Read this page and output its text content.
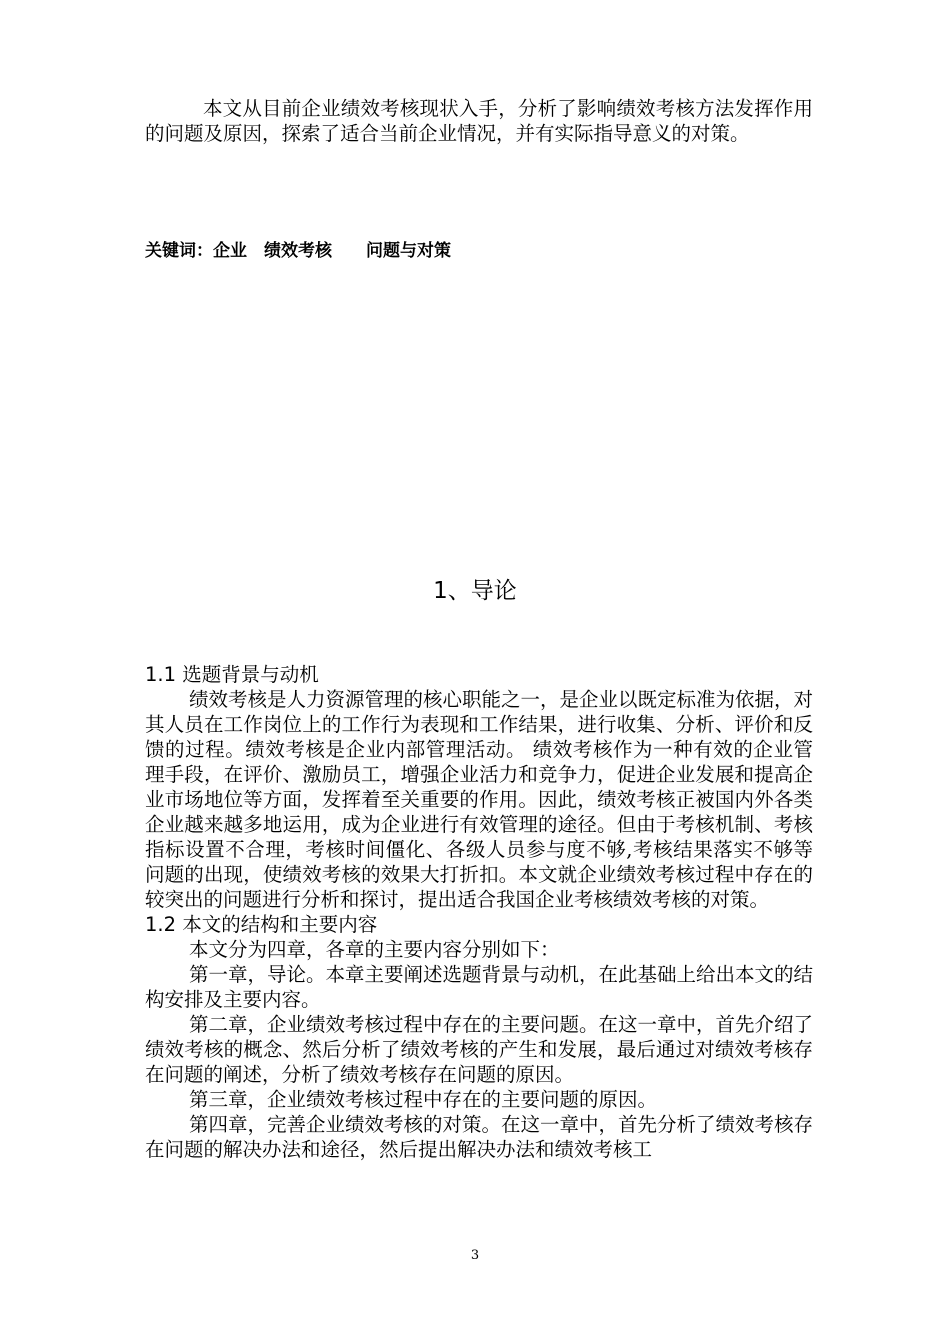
本文从目前企业绩效考核现状入手，分析了影响绩效考核方法发挥作用的问题及原因，探索了适合当前企业情况，并有实际指导意义的对策。

关键词：企业　绩效考核　　问题与对策
1、导论

1.1 选题背景与动机

绩效考核是人力资源管理的核心职能之一，是企业以既定标准为依据，对其人员在工作岗位上的工作行为表现和工作结果，进行收集、分析、评价和反馈的过程。绩效考核是企业内部管理活动。 绩效考核作为一种有效的企业管理手段，在评价、激励员工，增强企业活力和竞争力，促进企业发展和提高企业市场地位等方面，发挥着至关重要的作用。因此，绩效考核正被国内外各类企业越来越多地运用，成为企业进行有效管理的途径。但由于考核机制、考核指标设置不合理，考核时间僵化、各级人员参与度不够,考核结果落实不够等问题的出现，使绩效考核的效果大打折扣。本文就企业绩效考核过程中存在的较突出的问题进行分析和探讨，提出适合我国企业考核绩效考核的对策。

1.2 本文的结构和主要内容

本文分为四章，各章的主要内容分别如下：

第一章，导论。本章主要阐述选题背景与动机，在此基础上给出本文的结构安排及主要内容。

第二章，企业绩效考核过程中存在的主要问题。在这一章中，首先介绍了绩效考核的概念、然后分析了绩效考核的产生和发展，最后通过对绩效考核存在问题的阐述，分析了绩效考核存在问题的原因。

第三章，企业绩效考核过程中存在的主要问题的原因。

第四章，完善企业绩效考核的对策。在这一章中，首先分析了绩效考核存在问题的解决办法和途径，然后提出解决办法和绩效考核工

3
